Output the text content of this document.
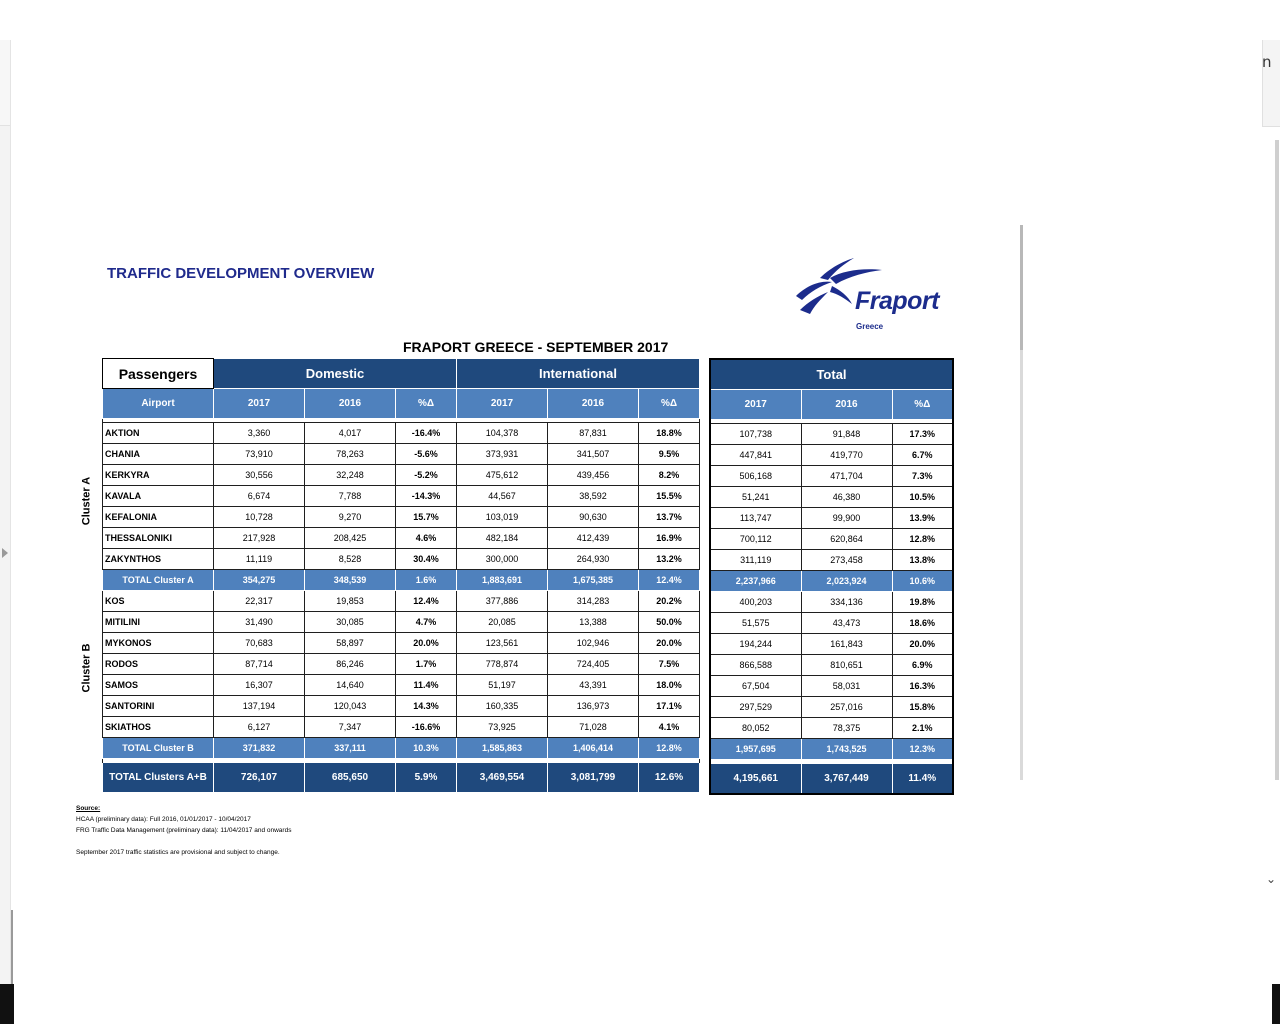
n
⌄
TRAFFIC DEVELOPMENT OVERVIEW
Fraport
Greece
FRAPORT GREECE - SEPTEMBER 2017
Cluster A
Cluster B
Passengers	Domestic			International		
Airport	2017	2016	%Δ	2017	2016	%Δ

AKTION	3,360	4,017	-16.4%	104,378	87,831	18.8%
CHANIA	73,910	78,263	-5.6%	373,931	341,507	9.5%
KERKYRA	30,556	32,248	-5.2%	475,612	439,456	8.2%
KAVALA	6,674	7,788	-14.3%	44,567	38,592	15.5%
KEFALONIA	10,728	9,270	15.7%	103,019	90,630	13.7%
THESSALONIKI	217,928	208,425	4.6%	482,184	412,439	16.9%
ZAKYNTHOS	11,119	8,528	30.4%	300,000	264,930	13.2%
TOTAL Cluster A	354,275	348,539	1.6%	1,883,691	1,675,385	12.4%
KOS	22,317	19,853	12.4%	377,886	314,283	20.2%
MITILINI	31,490	30,085	4.7%	20,085	13,388	50.0%
MYKONOS	70,683	58,897	20.0%	123,561	102,946	20.0%
RODOS	87,714	86,246	1.7%	778,874	724,405	7.5%
SAMOS	16,307	14,640	11.4%	51,197	43,391	18.0%
SANTORINI	137,194	120,043	14.3%	160,335	136,973	17.1%
SKIATHOS	6,127	7,347	-16.6%	73,925	71,028	4.1%
TOTAL Cluster B	371,832	337,111	10.3%	1,585,863	1,406,414	12.8%

TOTAL Clusters A+B	726,107	685,650	5.9%	3,469,554	3,081,799	12.6%
Total		
2017	2016	%Δ

107,738	91,848	17.3%
447,841	419,770	6.7%
506,168	471,704	7.3%
51,241	46,380	10.5%
113,747	99,900	13.9%
700,112	620,864	12.8%
311,119	273,458	13.8%
2,237,966	2,023,924	10.6%
400,203	334,136	19.8%
51,575	43,473	18.6%
194,244	161,843	20.0%
866,588	810,651	6.9%
67,504	58,031	16.3%
297,529	257,016	15.8%
80,052	78,375	2.1%
1,957,695	1,743,525	12.3%

4,195,661	3,767,449	11.4%
Source:
HCAA (preliminary data): Full 2016, 01/01/2017 - 10/04/2017
FRG Traffic Data Management (preliminary data): 11/04/2017 and onwards
September 2017 traffic statistics are provisional and subject to change.
